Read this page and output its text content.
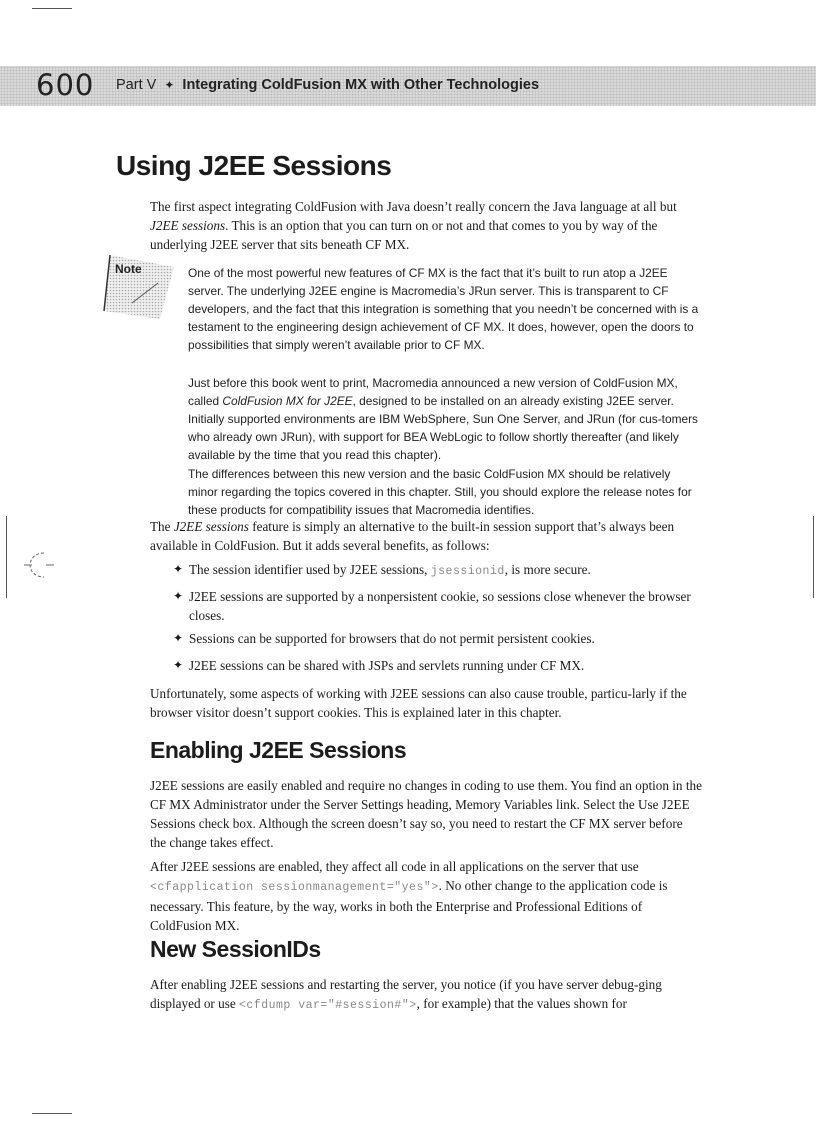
600 Part V ✦ Integrating ColdFusion MX with Other Technologies
Using J2EE Sessions

The first aspect integrating ColdFusion with Java doesn’t really concern the Java language at all but J2EE sessions. This is an option that you can turn on or not and that comes to you by way of the underlying J2EE server that sits beneath CF MX.

Note	One of the most powerful new features of CF MX is the fact that it’s built to run atop a J2EE server. The underlying J2EE engine is Macromedia’s JRun server. This is transparent to CF developers, and the fact that this integration is something that you needn’t be concerned with is a testament to the engineering design achievement of CF MX. It does, however, open the doors to possibilities that simply weren’t available prior to CF MX.

Just before this book went to print, Macromedia announced a new version of ColdFusion MX, called ColdFusion MX for J2EE, designed to be installed on an already existing J2EE server. Initially supported environments are IBM WebSphere, Sun One Server, and JRun (for cus-tomers who already own JRun), with support for BEA WebLogic to follow shortly thereafter (and likely available by the time that you read this chapter).

The differences between this new version and the basic ColdFusion MX should be relatively minor regarding the topics covered in this chapter. Still, you should explore the release notes for these products for compatibility issues that Macromedia identifies.

The J2EE sessions feature is simply an alternative to the built-in session support that’s always been available in ColdFusion. But it adds several benefits, as follows:

✦ The session identifier used by J2EE sessions, jsessionid, is more secure.

✦ J2EE sessions are supported by a nonpersistent cookie, so sessions close whenever the browser closes.

✦ Sessions can be supported for browsers that do not permit persistent cookies.

✦ J2EE sessions can be shared with JSPs and servlets running under CF MX.

Unfortunately, some aspects of working with J2EE sessions can also cause trouble, particu-larly if the browser visitor doesn’t support cookies. This is explained later in this chapter.

Enabling J2EE Sessions

J2EE sessions are easily enabled and require no changes in coding to use them. You find an option in the CF MX Administrator under the Server Settings heading, Memory Variables link. Select the Use J2EE Sessions check box. Although the screen doesn’t say so, you need to restart the CF MX server before the change takes effect.

After J2EE sessions are enabled, they affect all code in all applications on the server that use <cfapplication sessionmanagement="yes">. No other change to the application code is necessary. This feature, by the way, works in both the Enterprise and Professional Editions of ColdFusion MX.

New SessionIDs

After enabling J2EE sessions and restarting the server, you notice (if you have server debug-ging displayed or use <cfdump var="#session#">, for example) that the values shown for
